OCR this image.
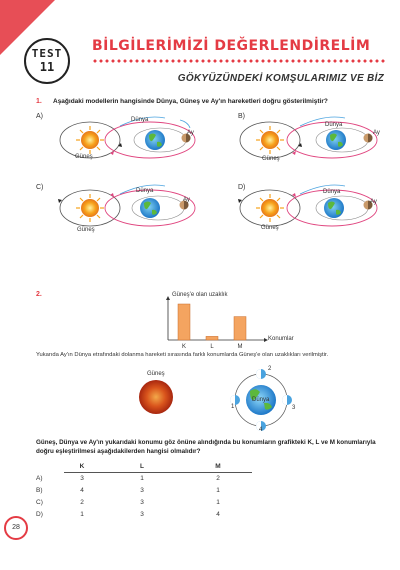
TEST
11
BİLGİLERİMİZİ DEĞERLENDİRELİM
GÖKYÜZÜNDEKİ KOMŞULARIMIZ VE BİZ
1. Aşağıdaki modellerin hangisinde Dünya, Güneş ve Ay'ın hareketleri doğru gösterilmiştir?
A)	Dünya
Ay
Güneş
B)
Dünya
Ay
Güneş
C)	Dünya
Ay
Güneş
D)
Dünya
Ay
Güneş
2.	Güneş'e olan uzaklık
Konumlar
K	L	M
Yukarıda Ay'ın Dünya etrafındaki dolanma hareketi sırasında farklı konumlarda Güneş'e olan uzaklıkları verilmiştir.
Güneş
Dünya
1
2
3
4
Güneş, Dünya ve Ay'ın yukarıdaki konumu göz önüne alındığında bu konumların grafikteki K, L ve M konumlarıyla doğru eşleştirilmesi aşağıdakilerden hangisi olmalıdır?
	K	L	M
A)	3	1	2
B)	4	3	1
C)	2	3	1
D)	1	3	4
28
